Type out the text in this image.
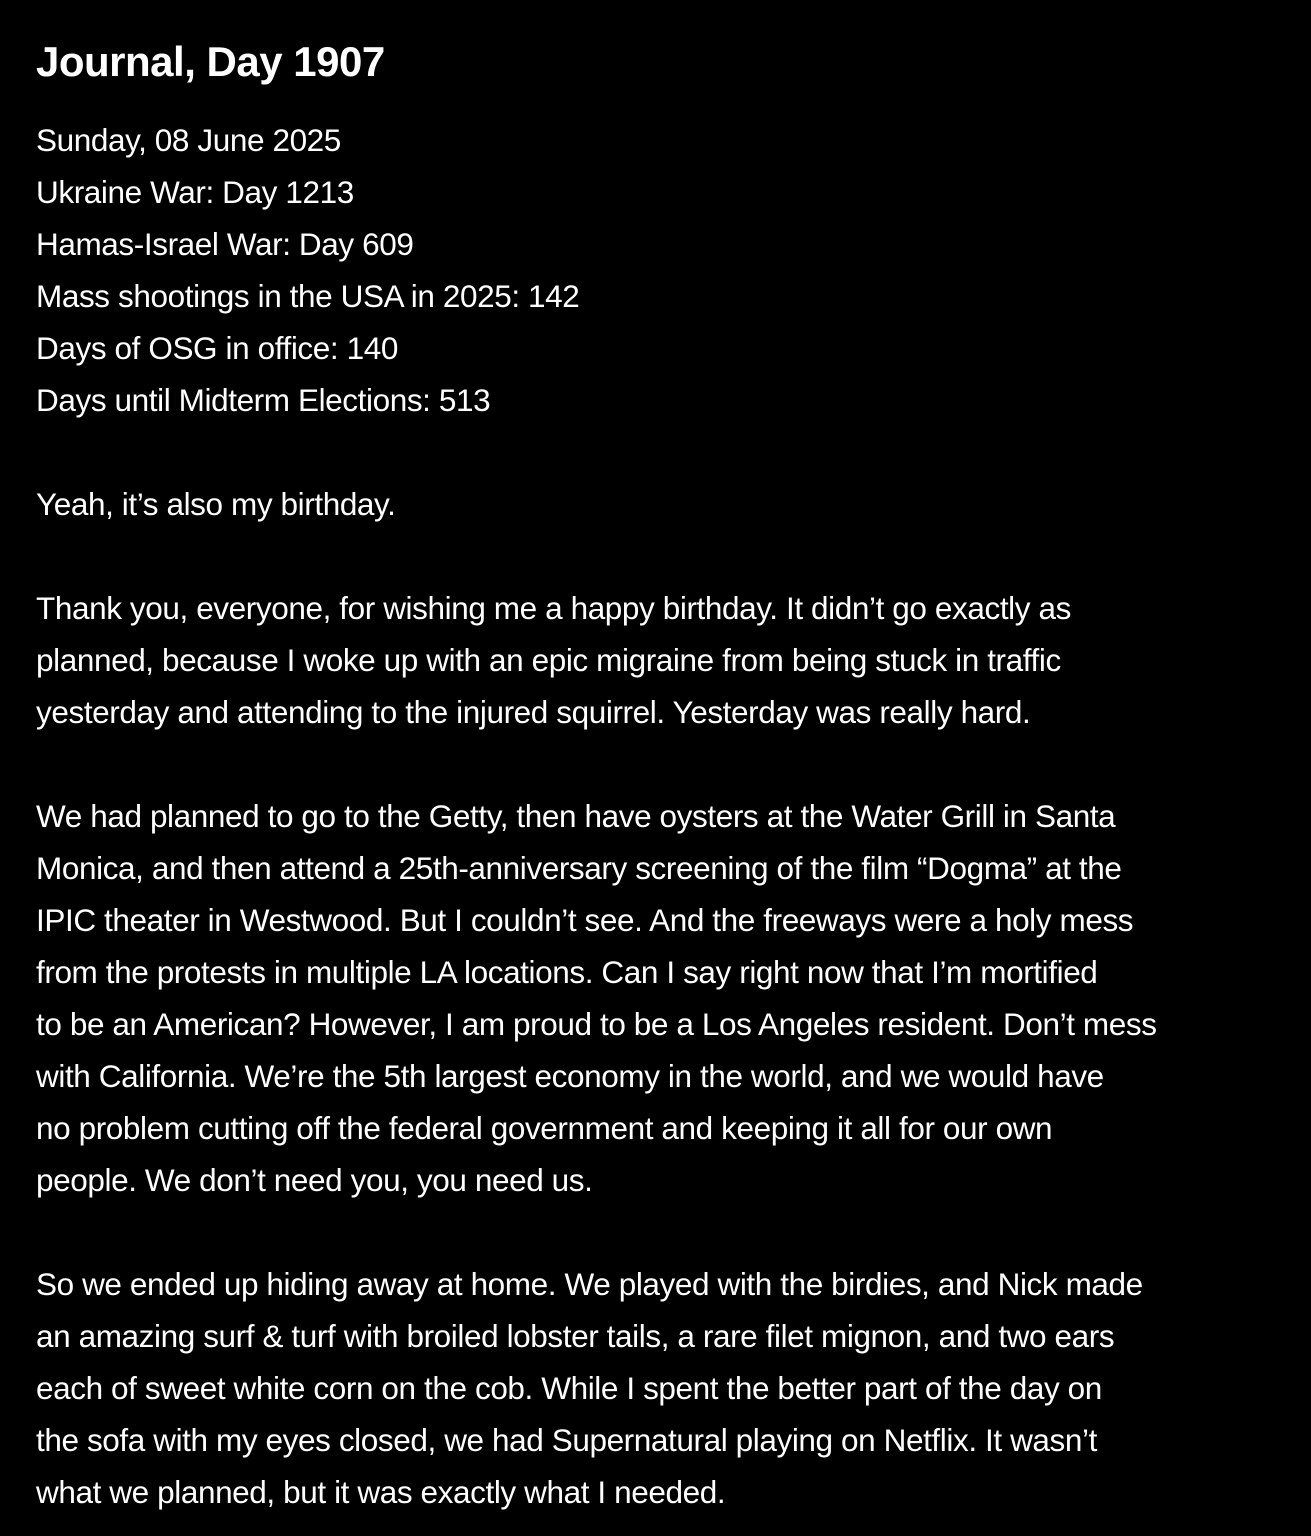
Journal, Day 1907
Sunday, 08 June 2025
Ukraine War: Day 1213
Hamas-Israel War: Day 609
Mass shootings in the USA in 2025: 142
Days of OSG in office: 140
Days until Midterm Elections: 513
Yeah, it’s also my birthday.
Thank you, everyone, for wishing me a happy birthday. It didn’t go exactly as
planned, because I woke up with an epic migraine from being stuck in traffic
yesterday and attending to the injured squirrel. Yesterday was really hard.
We had planned to go to the Getty, then have oysters at the Water Grill in Santa
Monica, and then attend a 25th-anniversary screening of the film “Dogma” at the
IPIC theater in Westwood. But I couldn’t see. And the freeways were a holy mess
from the protests in multiple LA locations. Can I say right now that I’m mortified
to be an American? However, I am proud to be a Los Angeles resident. Don’t mess
with California. We’re the 5th largest economy in the world, and we would have
no problem cutting off the federal government and keeping it all for our own
people. We don’t need you, you need us.
So we ended up hiding away at home. We played with the birdies, and Nick made
an amazing surf & turf with broiled lobster tails, a rare filet mignon, and two ears
each of sweet white corn on the cob. While I spent the better part of the day on
the sofa with my eyes closed, we had Supernatural playing on Netflix. It wasn’t
what we planned, but it was exactly what I needed.
